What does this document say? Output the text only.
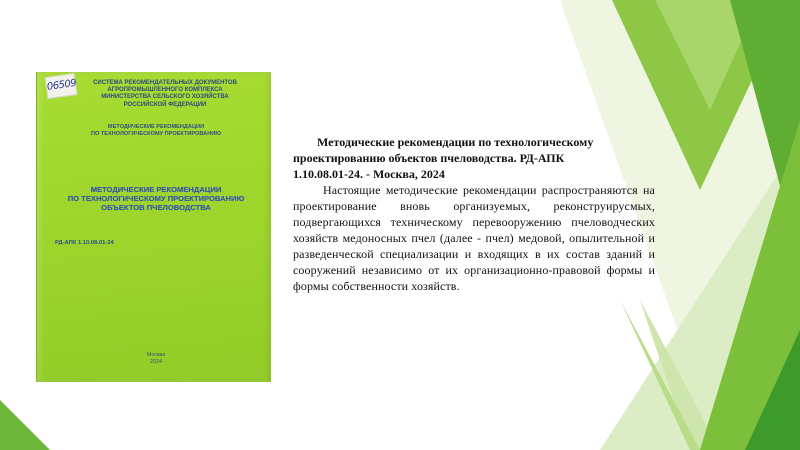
06509	СИСТЕМА РЕКОМЕНДАТЕЛЬНЫХ ДОКУМЕНТОВ
АГРОПРОМЫШЛЕННОГО КОМПЛЕКСА
МИНИСТЕРСТВА СЕЛЬСКОГО ХОЗЯЙСТВА
РОССИЙСКОЙ ФЕДЕРАЦИИ
МЕТОДИЧЕСКИЕ РЕКОМЕНДАЦИИ
ПО ТЕХНОЛОГИЧЕСКОМУ ПРОЕКТИРОВАНИЮ
МЕТОДИЧЕСКИЕ РЕКОМЕНДАЦИИ
ПО ТЕХНОЛОГИЧЕСКОМУ ПРОЕКТИРОВАНИЮ
ОБЪЕКТОВ ПЧЕЛОВОДСТВА
РД-АПК 1.10.08.01-24
Москва
2024

Методические рекомендации по технологическому
проектированию объектов пчеловодства. РД-АПК
1.10.08.01-24. - Москва, 2024

Настоящие методические рекомендации распространяются на проектирование вновь организуемых, реконструирусмых, подвергающихся техническому перевооружению пчеловодческих хозяйств медоносных пчел (далее - пчел) медовой, опылительной и разведенческой специализации и входящих в их состав зданий и сооружений независимо от их организационно-правовой формы и формы собственности хозяйств.
